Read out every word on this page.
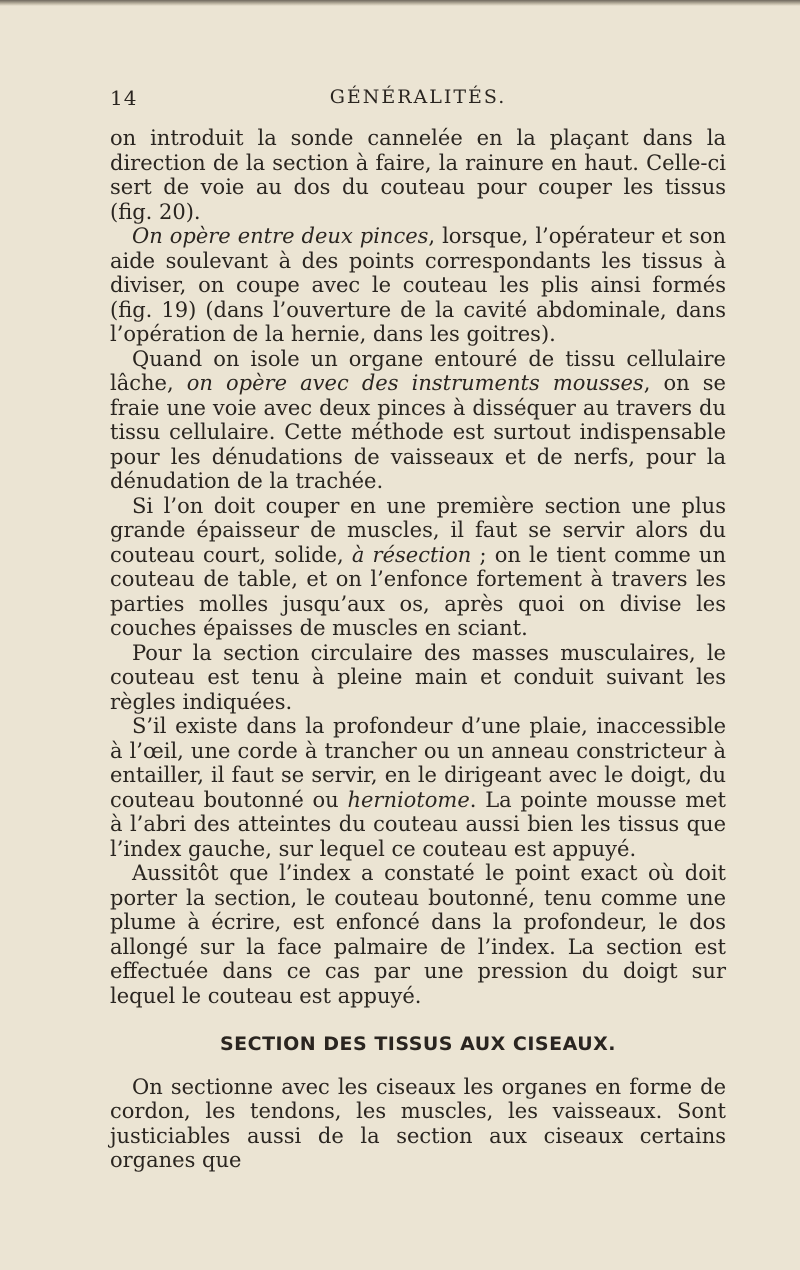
14	GÉNÉRALITÉS.

on introduit la sonde cannelée en la plaçant dans la direction de la section à faire, la rainure en haut. Celle-ci sert de voie au dos du couteau pour couper les tissus (fig. 20).

On opère entre deux pinces, lorsque, l’opérateur et son aide soulevant à des points correspondants les tissus à diviser, on coupe avec le couteau les plis ainsi formés (fig. 19) (dans l’ouverture de la cavité abdominale, dans l’opération de la hernie, dans les goitres).

Quand on isole un organe entouré de tissu cellulaire lâche, on opère avec des instruments mousses, on se fraie une voie avec deux pinces à disséquer au travers du tissu cellulaire. Cette méthode est surtout indispensable pour les dénudations de vaisseaux et de nerfs, pour la dénudation de la trachée.

Si l’on doit couper en une première section une plus grande épaisseur de muscles, il faut se servir alors du couteau court, solide, à résection ; on le tient comme un couteau de table, et on l’enfonce fortement à travers les parties molles jusqu’aux os, après quoi on divise les couches épaisses de muscles en sciant.

Pour la section circulaire des masses musculaires, le couteau est tenu à pleine main et conduit suivant les règles indiquées.

S’il existe dans la profondeur d’une plaie, inaccessible à l’œil, une corde à trancher ou un anneau constricteur à entailler, il faut se servir, en le dirigeant avec le doigt, du couteau boutonné ou herniotome. La pointe mousse met à l’abri des atteintes du couteau aussi bien les tissus que l’index gauche, sur lequel ce couteau est appuyé.

Aussitôt que l’index a constaté le point exact où doit porter la section, le couteau boutonné, tenu comme une plume à écrire, est enfoncé dans la profondeur, le dos allongé sur la face palmaire de l’index. La section est effectuée dans ce cas par une pression du doigt sur lequel le couteau est appuyé.

SECTION DES TISSUS AUX CISEAUX.

On sectionne avec les ciseaux les organes en forme de cordon, les tendons, les muscles, les vaisseaux. Sont justiciables aussi de la section aux ciseaux certains organes que
